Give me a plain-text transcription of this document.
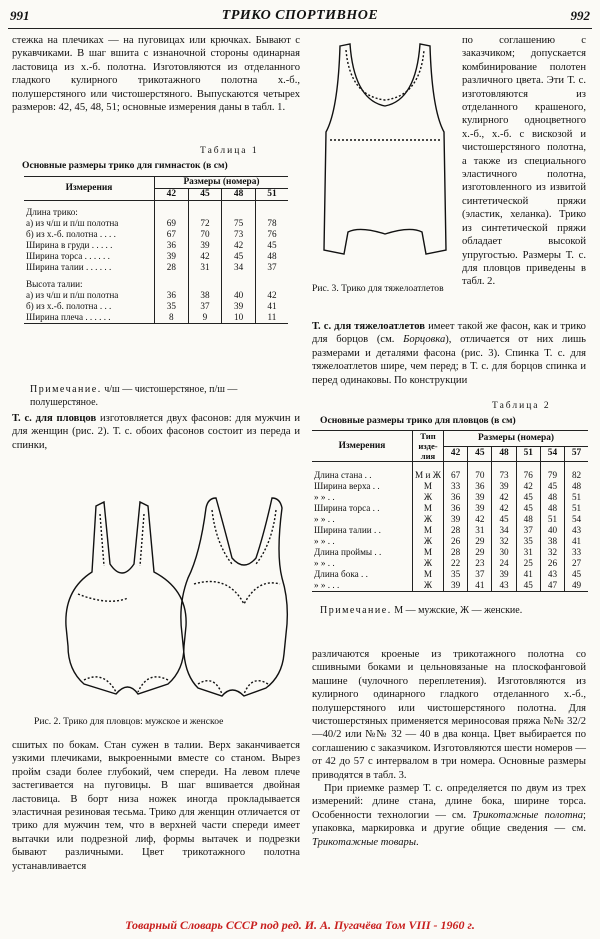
991	ТРИКО СПОРТИВНОЕ	992

стежка на плечиках — на пуговицах или крючках. Бывают с рукавчиками. В шаг вшита с изнаночной стороны одинарная ластовица из х.-б. полотна. Изготовляются из отделанного гладкого кулирного трикотажного полотна х.-б., полушерстяного или чистошерстяного. Выпускаются четырех размеров: 42, 45, 48, 51; основные измерения даны в табл. 1.

Таблица 1
Основные размеры трико для гимнасток (в см)
Измерения	Размеры (номера)			
	42	45	48	51

Длина трико:				
а) из ч/ш и п/ш полотна	69	72	75	78
б) из х.-б. полотна . . . .	67	70	73	76
Ширина в груди . . . . .	36	39	42	45
Ширина торса . . . . . .	39	42	45	48
Ширина талии . . . . . .	28	31	34	37

Высота талии:				
а) из ч/ш и п/ш полотна	36	38	40	42
б) из х.-б. полотна . . .	35	37	39	41
Ширина плеча . . . . . .	8	9	10	11
Примечание. ч/ш — чистошерстяное, п/ш — полушерстяное.

Т. с. для пловцов изготовляется двух фасонов: для мужчин и для женщин (рис. 2). Т. с. обоих фасонов состоит из переда и спинки,

Рис. 2. Трико для пловцов: мужское и женское

сшитых по бокам. Стан сужен в талии. Верх заканчивается узкими плечиками, выкроенными вместе со станом. Вырез пройм сзади более глубокий, чем спереди. На левом плече застегивается на пуговицы. В шаг вшивается двойная ластовица. В борт низа ножек иногда прокладывается эластичная резиновая тесьма. Трико для женщин отличается от трико для мужчин тем, что в верхней части спереди имеет вытачки или подрезной лиф, формы вытачек и подрезки бывают различными. Цвет трикотажного полотна устанавливается

Рис. 3. Трико для тяжелоатлетов

по соглашению с заказчиком; допускается комбинирование полотен различного цвета. Эти Т. с. изготовляются из отделанного крашеного, кулирного одноцветного х.-б., х.-б. с вискозой и чистошерстяного полотна, а также из специального эластичного полотна, изготовленного из извитой синтетической пряжи (эластик, хеланка). Трико из синтетической пряжи обладает высокой упругостью. Размеры Т. с. для пловцов приведены в табл. 2.

Т. с. для тяжелоатлетов имеет такой же фасон, как и трико для борцов (см. Борцовка), отличается от них лишь размерами и деталями фасона (рис. 3). Спинка Т. с. для тяжелоатлетов шире, чем перед; в Т. с. для борцов спинка и перед одинаковы. По конструкции

Таблица 2
Основные размеры трико для пловцов (в см)
Измерения	Тип изде-лия	Размеры (номера)					
		42	45	48	51	54	57

Длина стана . .	М и Ж	67	70	73	76	79	82
Ширина верха . .	М	33	36	39	42	45	48
» » . .	Ж	36	39	42	45	48	51
Ширина торса . .	М	36	39	42	45	48	51
» » . .	Ж	39	42	45	48	51	54
Ширина талии . .	М	28	31	34	37	40	43
» » . .	Ж	26	29	32	35	38	41
Длина проймы . .	М	28	29	30	31	32	33
» » . .	Ж	22	23	24	25	26	27
Длина бока . .	М	35	37	39	41	43	45
» » . . .	Ж	39	41	43	45	47	49
Примечание. М — мужские, Ж — женские.

различаются кроеные из трикотажного полотна со сшивными боками и цельновязаные на плоскофанговой машине (чулочного переплетения). Изготовляются из кулирного одинарного гладкого отделанного х.-б., полушерстяного или чистошерстяного полотна. Для чистошерстяных применяется мериносовая пряжа №№ 32/2—40/2 или №№ 32 — 40 в два конца. Цвет выбирается по соглашению с заказчиком. Изготовляются шести номеров — от 42 до 57 с интервалом в три номера. Основные размеры приводятся в табл. 3.

При приемке размер Т. с. определяется по двум из трех измерений: длине стана, длине бока, ширине торса. Особенности технологии — см. Трикотажные полотна; упаковка, маркировка и другие общие сведения — см. Трикотажные товары.

Товарный Словарь СССР под ред. И. А. Пугачёва Том VIII - 1960 г.
